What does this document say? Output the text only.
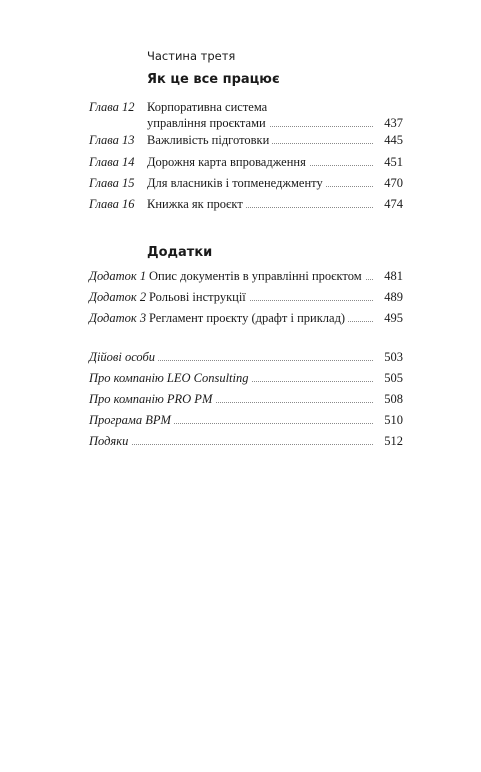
Частина третя
Як це все працює
Глава 12 Корпоративна система
управління проєктами	437
Глава 13 Важливість підготовки	445
Глава 14 Дорожня карта впровадження	451
Глава 15 Для власників і топменеджменту	470
Глава 16 Книжка як проєкт	474
Додатки
Додаток 1 Опис документів в управлінні проєктом 481
Додаток 2 Рольові інструкції	489
Додаток 3 Регламент проєкту (драфт і приклад)	495
Дійові особи	503
Про компанію LEO Consulting	505
Про компанію PRO PM	508
Програма BPM	510
Подяки	512
